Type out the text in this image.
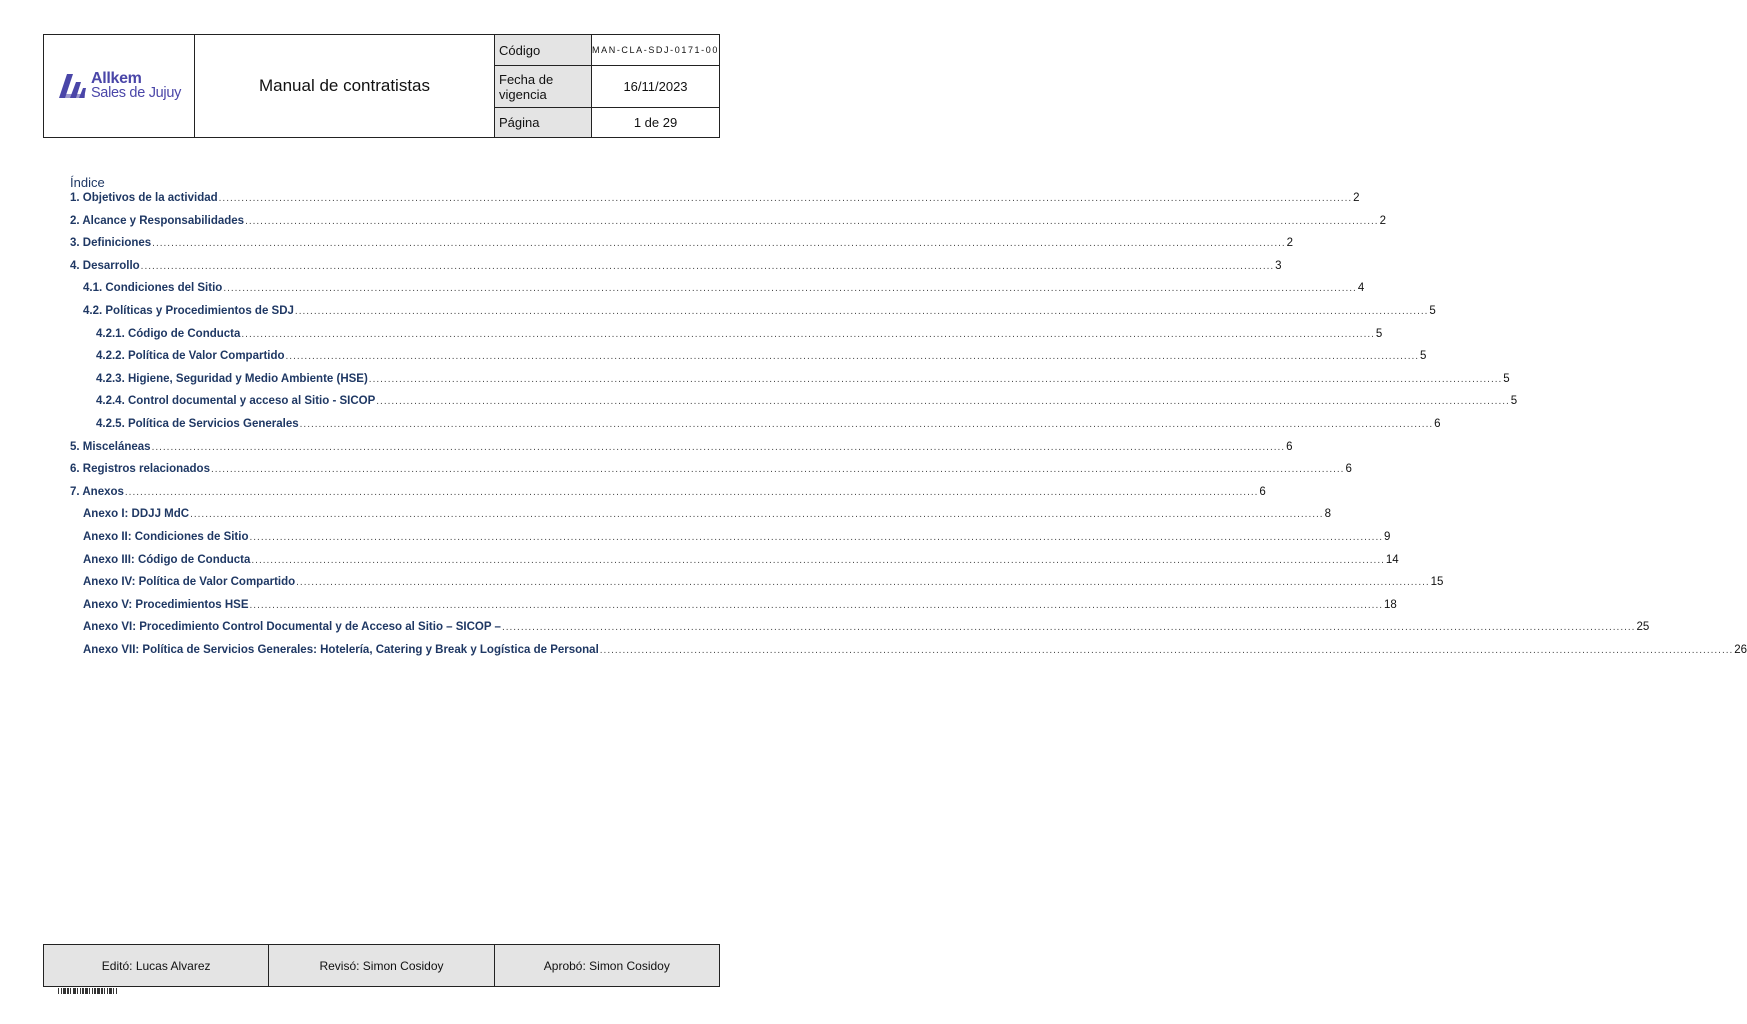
Allkem
Sales de Jujuy	Manual de contratistas
Código	MAN-CLA-SDJ-0171-00
Fecha de vigencia	16/11/2023
Página	1 de 29
Índice
1. Objetivos de la actividad ............................................................................................................................................................................................................................................................................................................ 2
2. Alcance y Responsabilidades ............................................................................................................................................................................................................................................................................................................ 2
3. Definiciones ............................................................................................................................................................................................................................................................................................................ 2
4. Desarrollo ............................................................................................................................................................................................................................................................................................................ 3
4.1. Condiciones del Sitio ............................................................................................................................................................................................................................................................................................................ 4
4.2. Políticas y Procedimientos de SDJ ............................................................................................................................................................................................................................................................................................................ 5
4.2.1. Código de Conducta ............................................................................................................................................................................................................................................................................................................ 5
4.2.2. Política de Valor Compartido ............................................................................................................................................................................................................................................................................................................ 5
4.2.3. Higiene, Seguridad y Medio Ambiente (HSE) ............................................................................................................................................................................................................................................................................................................ 5
4.2.4. Control documental y acceso al Sitio - SICOP ............................................................................................................................................................................................................................................................................................................ 5
4.2.5. Política de Servicios Generales ............................................................................................................................................................................................................................................................................................................ 6
5. Misceláneas ............................................................................................................................................................................................................................................................................................................ 6
6. Registros relacionados ............................................................................................................................................................................................................................................................................................................ 6
7. Anexos ............................................................................................................................................................................................................................................................................................................ 6
Anexo I: DDJJ MdC ............................................................................................................................................................................................................................................................................................................ 8
Anexo II: Condiciones de Sitio ............................................................................................................................................................................................................................................................................................................ 9
Anexo III: Código de Conducta ............................................................................................................................................................................................................................................................................................................ 14
Anexo IV: Política de Valor Compartido ............................................................................................................................................................................................................................................................................................................ 15
Anexo V: Procedimientos HSE ............................................................................................................................................................................................................................................................................................................ 18
Anexo VI: Procedimiento Control Documental y de Acceso al Sitio – SICOP – ............................................................................................................................................................................................................................................................................................................ 25
Anexo VII: Política de Servicios Generales: Hotelería, Catering y Break y Logística de Personal ............................................................................................................................................................................................................................................................................................................ 26
Editó: Lucas Alvarez	Revisó: Simon Cosidoy	Aprobó: Simon Cosidoy
